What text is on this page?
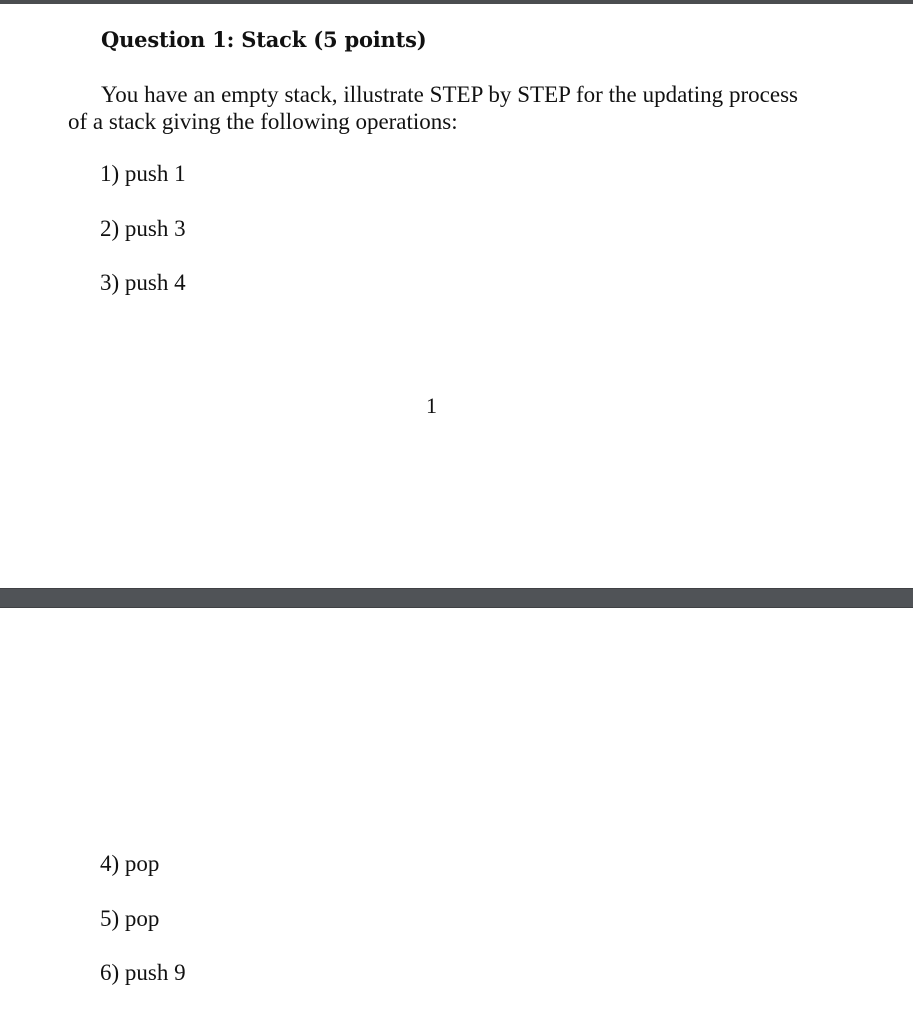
Question 1: Stack (5 points)
You have an empty stack, illustrate STEP by STEP for the updating process of a stack giving the following operations:
1) push 1
2) push 3
3) push 4
1
4) pop
5) pop
6) push 9
